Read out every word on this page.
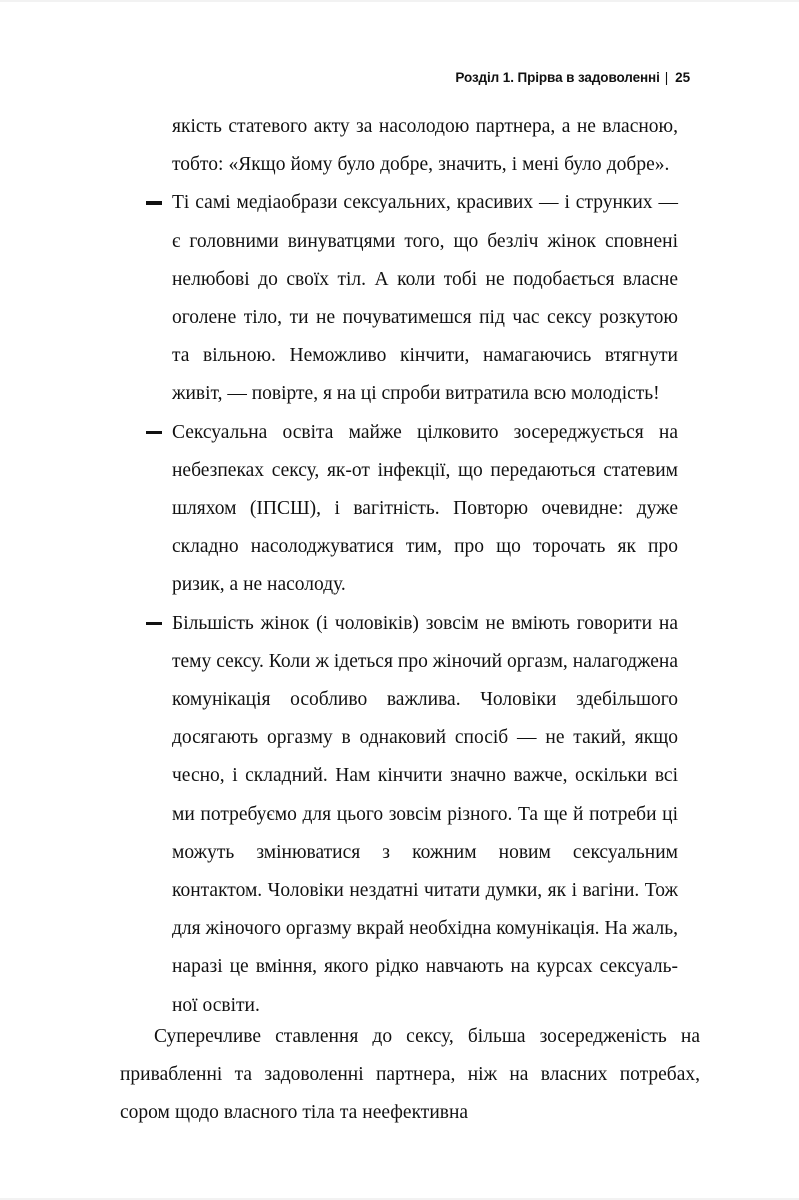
Розділ 1. Прірва в задоволенні | 25

якість статевого акту за насолодою партнера, а не власною, тобто: «Якщо йому було добре, значить, і мені було добре».

Ті самі медіаобрази сексуальних, красивих — і струнких — є головними винуватцями того, що безліч жінок сповнені нелюбові до своїх тіл. А коли тобі не подобається власне оголене тіло, ти не почуватимешся під час сексу розкутою та вільною. Неможливо кінчити, намагаючись втягнути живіт, — повірте, я на ці спроби витратила всю молодість!
Сексуальна освіта майже цілковито зосереджується на небезпеках сексу, як-от інфекції, що передаються статевим шляхом (ІПСШ), і вагітність. Повторю очевидне: дуже складно насолоджуватися тим, про що торочать як про ризик, а не насолоду.
Більшість жінок (і чоловіків) зовсім не вміють говорити на тему сексу. Коли ж ідеться про жіночий оргазм, налагоджена комунікація особливо важлива. Чоловіки здебільшого досягають оргазму в однаковий спосіб — не такий, якщо чесно, і складний. Нам кінчити значно важче, оскільки всі ми потребуємо для цього зовсім різного. Та ще й потреби ці можуть змінюватися з кожним новим сексуальним контактом. Чоловіки нездатні читати думки, як і вагіни. Тож для жіночого оргазму вкрай необхідна комунікація. На жаль, наразі це вміння, якого рідко навчають на курсах сексуальної освіти.

Суперечливе ставлення до сексу, більша зосередженість на привабленні та задоволенні партнера, ніж на власних потребах, сором щодо власного тіла та неефективна
